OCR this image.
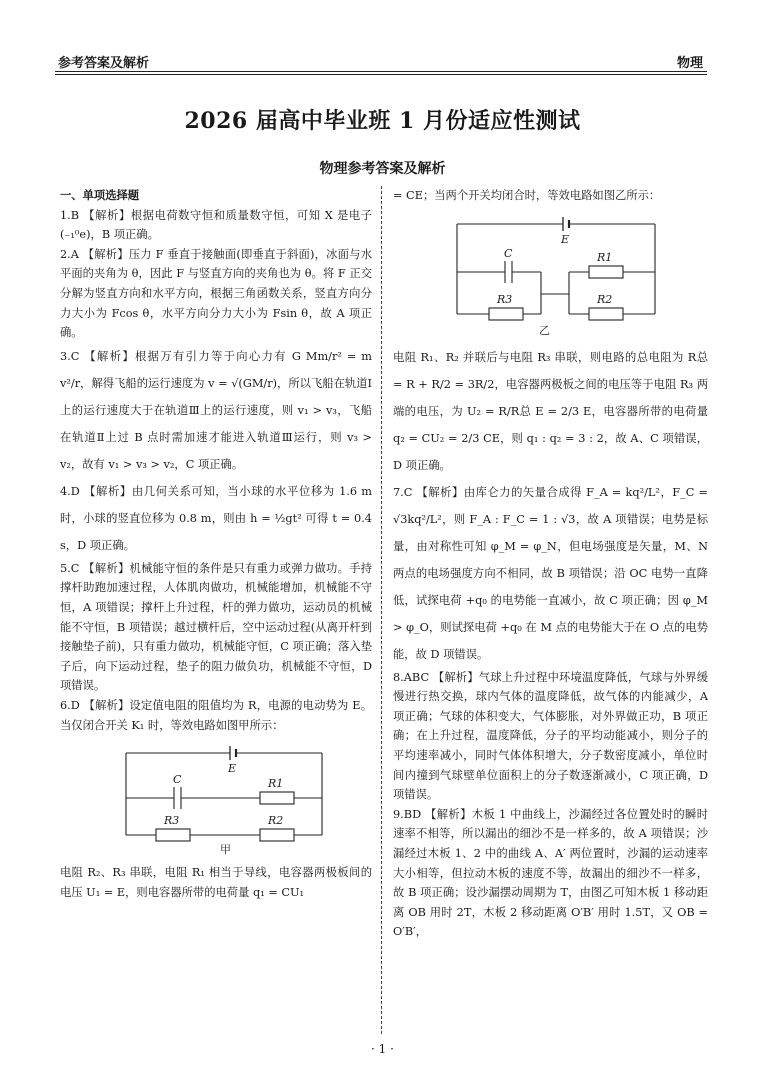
参考答案及解析	物理
2026 届高中毕业班 1 月份适应性测试
物理参考答案及解析
一、单项选择题

1.B 【解析】根据电荷数守恒和质量数守恒，可知 X 是电子(₋₁⁰e)，B 项正确。

2.A 【解析】压力 F 垂直于接触面(即垂直于斜面)，冰面与水平面的夹角为 θ，因此 F 与竖直方向的夹角也为 θ。将 F 正交分解为竖直方向和水平方向，根据三角函数关系，竖直方向分力大小为 Fcos θ，水平方向分力大小为 Fsin θ，故 A 项正确。

3.C 【解析】根据万有引力等于向心力有 G Mm/r² = m v²/r，解得飞船的运行速度为 v = √(GM/r)，所以飞船在轨道Ⅰ上的运行速度大于在轨道Ⅲ上的运行速度，则 v₁ > v₃，飞船在轨道Ⅱ上过 B 点时需加速才能进入轨道Ⅲ运行，则 v₃ > v₂，故有 v₁ > v₃ > v₂，C 项正确。

4.D 【解析】由几何关系可知，当小球的水平位移为 1.6 m 时，小球的竖直位移为 0.8 m，则由 h = ½gt² 可得 t = 0.4 s，D 项正确。

5.C 【解析】机械能守恒的条件是只有重力或弹力做功。手持撑杆助跑加速过程，人体肌肉做功，机械能增加，机械能不守恒，A 项错误；撑杆上升过程，杆的弹力做功，运动员的机械能不守恒，B 项错误；越过横杆后，空中运动过程(从离开杆到接触垫子前)，只有重力做功，机械能守恒，C 项正确；落入垫子后，向下运动过程，垫子的阻力做负功，机械能不守恒，D 项错误。

6.D 【解析】设定值电阻的阻值均为 R，电源的电动势为 E。当仅闭合开关 K₁ 时，等效电路如图甲所示：

E
C	R1
R3	R2
甲

电阻 R₂、R₃ 串联，电阻 R₁ 相当于导线，电容器两极板间的电压 U₁ = E，则电容器所带的电荷量 q₁ = CU₁

= CE；当两个开关均闭合时，等效电路如图乙所示：

E
C	R1
R3	R2
乙

电阻 R₁、R₂ 并联后与电阻 R₃ 串联，则电路的总电阻为 R总 = R + R/2 = 3R/2，电容器两极板之间的电压等于电阻 R₃ 两端的电压，为 U₂ = R/R总 E = 2/3 E，电容器所带的电荷量 q₂ = CU₂ = 2/3 CE，则 q₁ : q₂ = 3 : 2，故 A、C 项错误，D 项正确。

7.C 【解析】由库仑力的矢量合成得 F_A = kq²/L²，F_C = √3kq²/L²，则 F_A : F_C = 1 : √3，故 A 项错误；电势是标量，由对称性可知 φ_M = φ_N，但电场强度是矢量，M、N 两点的电场强度方向不相同，故 B 项错误；沿 OC 电势一直降低，试探电荷 +q₀ 的电势能一直减小，故 C 项正确；因 φ_M > φ_O，则试探电荷 +q₀ 在 M 点的电势能大于在 O 点的电势能，故 D 项错误。

8.ABC 【解析】气球上升过程中环境温度降低，气球与外界缓慢进行热交换，球内气体的温度降低，故气体的内能减少，A 项正确；气球的体积变大，气体膨胀，对外界做正功，B 项正确；在上升过程，温度降低，分子的平均动能减小，则分子的平均速率减小，同时气体体积增大，分子数密度减小，单位时间内撞到气球壁单位面积上的分子数逐渐减小，C 项正确，D 项错误。

9.BD 【解析】木板 1 中曲线上，沙漏经过各位置处时的瞬时速率不相等，所以漏出的细沙不是一样多的，故 A 项错误；沙漏经过木板 1、2 中的曲线 A、A′ 两位置时，沙漏的运动速率大小相等，但拉动木板的速度不等，故漏出的细沙不一样多，故 B 项正确；设沙漏摆动周期为 T，由图乙可知木板 1 移动距离 OB 用时 2T，木板 2 移动距离 O′B′ 用时 1.5T，又 OB = O′B′，

· 1 ·
